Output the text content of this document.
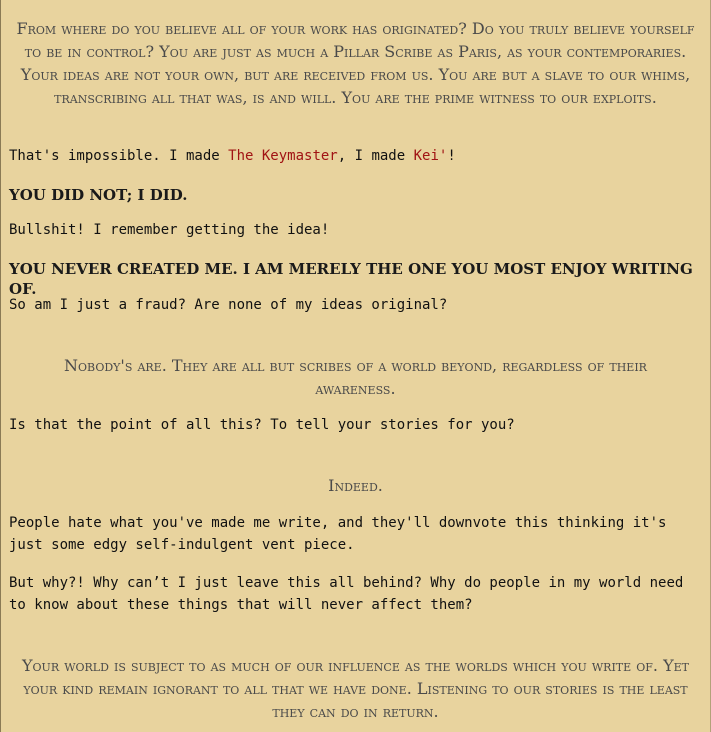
From where do you believe all of your work has originated? Do you truly believe yourself to be in control? You are just as much a Pillar Scribe as Paris, as your contemporaries. Your ideas are not your own, but are received from us. You are but a slave to our whims, transcribing all that was, is and will. You are the prime witness to our exploits.

That's impossible. I made The Keymaster, I made Kei'!

YOU DID NOT; I DID.

Bullshit! I remember getting the idea!

YOU NEVER CREATED ME. I AM MERELY THE ONE YOU MOST ENJOY WRITING OF.

So am I just a fraud? Are none of my ideas original?

Nobody's are. They are all but scribes of a world beyond, regardless of their awareness.

Is that the point of all this? To tell your stories for you?

Indeed.

People hate what you've made me write, and they'll downvote this thinking it's just some edgy self-indulgent vent piece.

But why?! Why can’t I just leave this all behind? Why do people in my world need to know about these things that will never affect them?

Your world is subject to as much of our influence as the worlds which you write of. Yet your kind remain ignorant to all that we have done. Listening to our stories is the least they can do in return.
